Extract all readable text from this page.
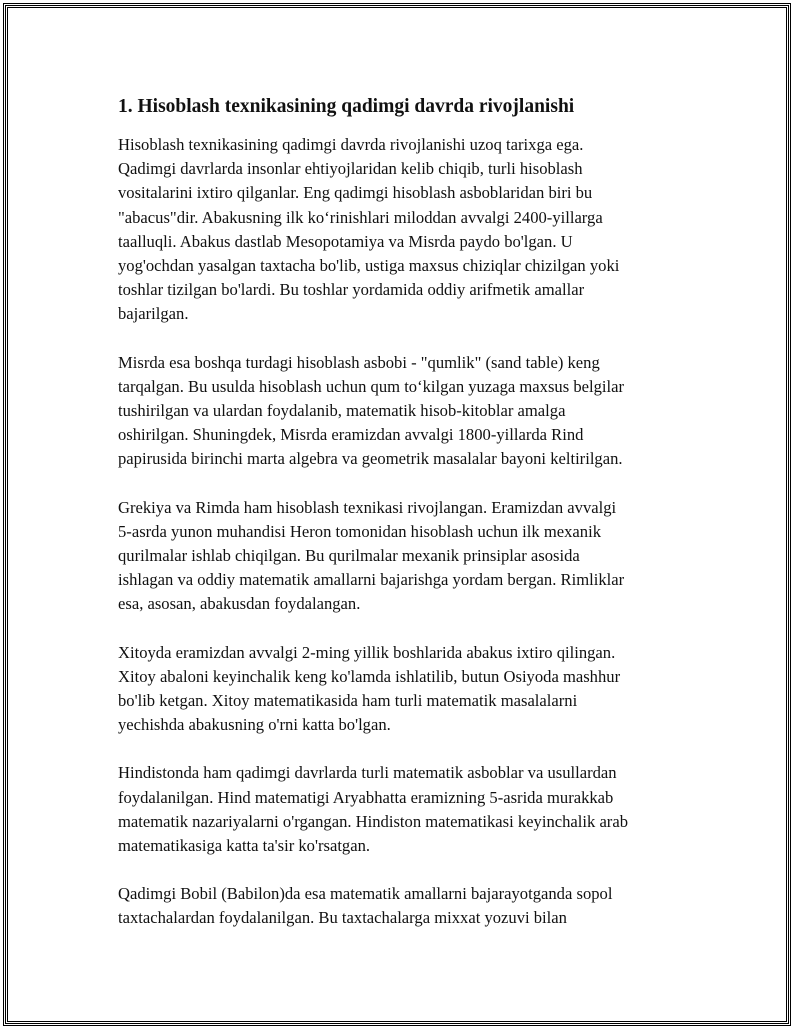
1. Hisoblash texnikasining qadimgi davrda rivojlanishi

Hisoblash texnikasining qadimgi davrda rivojlanishi uzoq tarixga ega.
Qadimgi davrlarda insonlar ehtiyojlaridan kelib chiqib, turli hisoblash
vositalarini ixtiro qilganlar. Eng qadimgi hisoblash asboblaridan biri bu
"abacus"dir. Abakusning ilk ko‘rinishlari miloddan avvalgi 2400-yillarga
taalluqli. Abakus dastlab Mesopotamiya va Misrda paydo bo'lgan. U
yog'ochdan yasalgan taxtacha bo'lib, ustiga maxsus chiziqlar chizilgan yoki
toshlar tizilgan bo'lardi. Bu toshlar yordamida oddiy arifmetik amallar
bajarilgan.

Misrda esa boshqa turdagi hisoblash asbobi - "qumlik" (sand table) keng
tarqalgan. Bu usulda hisoblash uchun qum to‘kilgan yuzaga maxsus belgilar
tushirilgan va ulardan foydalanib, matematik hisob-kitoblar amalga
oshirilgan. Shuningdek, Misrda eramizdan avvalgi 1800-yillarda Rind
papirusida birinchi marta algebra va geometrik masalalar bayoni keltirilgan.

Grekiya va Rimda ham hisoblash texnikasi rivojlangan. Eramizdan avvalgi
5-asrda yunon muhandisi Heron tomonidan hisoblash uchun ilk mexanik
qurilmalar ishlab chiqilgan. Bu qurilmalar mexanik prinsiplar asosida
ishlagan va oddiy matematik amallarni bajarishga yordam bergan. Rimliklar
esa, asosan, abakusdan foydalangan.

Xitoyda eramizdan avvalgi 2-ming yillik boshlarida abakus ixtiro qilingan.
Xitoy abaloni keyinchalik keng ko'lamda ishlatilib, butun Osiyoda mashhur
bo'lib ketgan. Xitoy matematikasida ham turli matematik masalalarni
yechishda abakusning o'rni katta bo'lgan.

Hindistonda ham qadimgi davrlarda turli matematik asboblar va usullardan
foydalanilgan. Hind matematigi Aryabhatta eramizning 5-asrida murakkab
matematik nazariyalarni o'rgangan. Hindiston matematikasi keyinchalik arab
matematikasiga katta ta'sir ko'rsatgan.

Qadimgi Bobil (Babilon)da esa matematik amallarni bajarayotganda sopol
taxtachalardan foydalanilgan. Bu taxtachalarga mixxat yozuvi bilan
